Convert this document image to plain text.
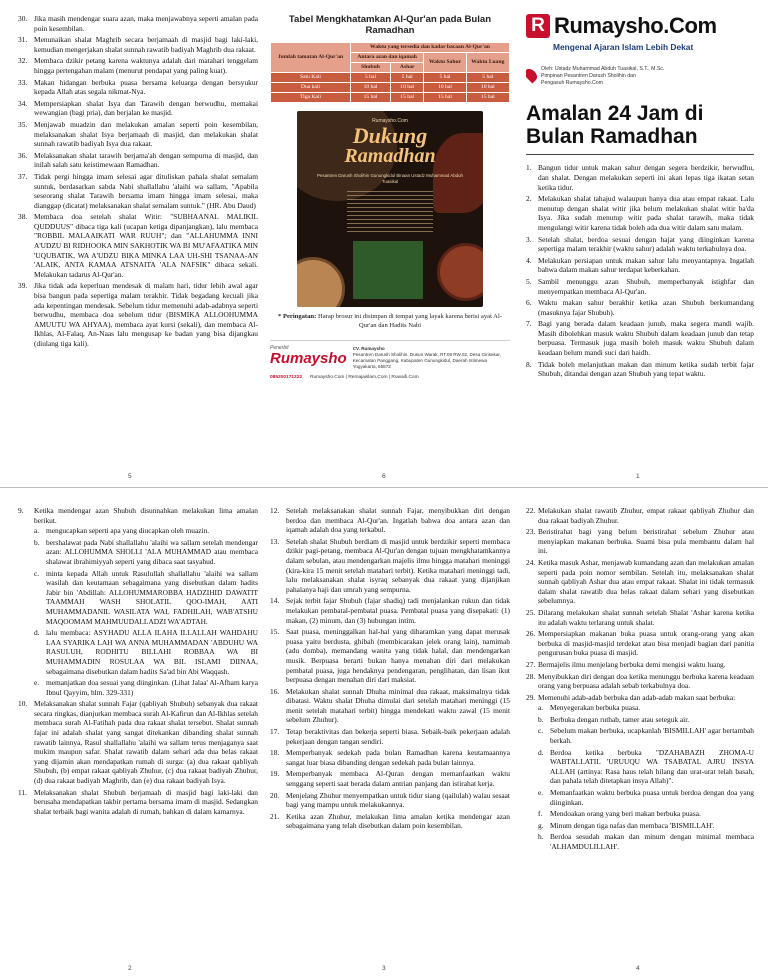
30. Jika masih mendengar suara azan, maka menjawabnya seperti amalan pada poin kesembilan.
31. Menunaikan shalat Maghrib secara berjamaah di masjid bagi laki-laki, kemudian mengerjakan shalat sunnah rawatib badiyah Maghrib dua rakaat.
32. Membaca dzikir petang karena waktunya adalah dari matahari tenggelam hingga pertengahan malam (menurut pendapat yang paling kuat).
33. Makan hidangan berbuka puasa bersama keluarga dengan bersyukur kepada Allah atas segala nikmat-Nya.
34. Mempersiapkan shalat Isya dan Tarawih dengan berwudhu, memakai wewangian (bagi pria), dan berjalan ke masjid.
35. Menjawab muadzin dan melakukan amalan seperti poin kesembilan, melaksanakan shalat Isya berjamaah di masjid, dan melakukan shalat sunnah rawatib badiyah Isya dua rakaat.
36. Melaksanakan shalat tarawih berjama'ah dengan sempurna di masjid, dan inilah salah satu keistimewaan Ramadhan.
37. Tidak pergi hingga imam selesai agar dituliskan pahala shalat semalam suntuk, berdasarkan sabda Nabi shallallahu 'alaihi wa sallam, "Apabila seseorang shalat Tarawih bersama imam hingga imam selesai, maka dianggap (dicatat) melaksanakan shalat semalam suntuk." (HR. Abu Daud)
38. Membaca doa setelah shalat Witir: "SUBHAANAL MALIKIL QUDDUUS" dibaca tiga kali (ucapan ketiga dipanjangkan), lalu membaca "ROBBIL MALAAIKATI WAR RUUH"; dan "ALLAHUMMA INNI A'UDZU BI RIDHOOKA MIN SAKHOTIK WA BI MU'AFAATIKA MIN 'UQUBATIK, WA A'UDZU BIKA MINKA LAA UH-SHI TSANAA-AN 'ALAIK, ANTA KAMAA ATSNAITA 'ALA NAFSIK" dibaca sekali. Melakukan tadarus Al-Qur'an.
39. Jika tidak ada keperluan mendesak di malam hari, tidur lebih awal agar bisa bangun pada sepertiga malam terakhir. Tidak begadang kecuali jika ada kepentingan mendesak. Sebelum tidur memenuhi adab-adabnya seperti berwudhu, membaca doa sebelum tidur (BISMIKA ALLOOHUMMA AMUUTU WA AHYAA), membaca ayat kursi (sekali), dan membaca Al-Ikhlas, Al-Falaq, An-Naas lalu mengusap ke badan yang bisa dijangkau (diulang tiga kali).
5
Tabel Mengkhatamkan Al-Qur'an pada Bulan Ramadhan
Jumlah tamatan Al-Qur'an	Waktu yang tersedia dan kadar bacaan Al-Qur'an			
	Antara azan dan iqamah		Waktu Sahur	Waktu Luang
	Shubuh	Ashar		
Satu Kali	5 hal	5 hal	5 hal	5 hal
Dua kali	10 hal	10 hal	10 hal	10 hal
Tiga Kali	15 hal	15 hal	15 hal	15 hal
Rumaysho.Com
Dukung
Ramadhan
Pesantren Darush Sholihin Gunungkidul Binaan Ustadz Muhammad Abduh Tuasikal
* Peringatan: Harap brosur ini disimpan di tempat yang layak karena berisi ayat Al-Qur'an dan Hadits Nabi
Penerbit
Rumaysho
CV. Rumaysho
Pesantren Darush Sholihin, Dusun Warak, RT.08 RW.02, Desa Girisekar, Kecamatan Panggang, Kabupaten Gunungkidul, Daerah Istimewa Yogyakarta, 55872
085200171222 Rumaysho.Com | Remajaislam.Com | Ruwaifi.Com
6
R Rumaysho.Com
Mengenal Ajaran Islam Lebih Dekat
Oleh: Ustadz Muhammad Abduh Tuasikal, S.T., M.Sc.
Pimpinan Pesantren Darush Sholihin dan
Pengasuh Rumaysho.Com
Amalan 24 Jam di Bulan Ramadhan
1. Bangun tidur untuk makan sahur dengan segera berdzikir, berwudhu, dan shalat. Dengan melakukan seperti ini akan lepas tiga ikatan setan ketika tidur.
2. Melakukan shalat tahajud walaupun hanya dua atau empat rakaat. Lalu menutup dengan shalat witir jika belum melakukan shalat witir ba'da Isya. Jika sudah menutup witir pada shalat tarawih, maka tidak mengulangi witir karena tidak boleh ada dua witir dalam satu malam.
3. Setelah shalat, berdoa sesuai dengan hajat yang diinginkan karena sepertiga malam terakhir (waktu sahur) adalah waktu terkabulnya doa.
4. Melakukan persiapan untuk makan sahur lalu menyantapnya. Ingatlah bahwa dalam makan sahur terdapat keberkahan.
5. Sambil menunggu azan Shubuh, memperbanyak istighfar dan menyempatkan membaca Al-Qur'an.
6. Waktu makan sahur berakhir ketika azan Shubuh berkumandang (masuknya fajar Shubuh).
7. Bagi yang berada dalam keadaan junub, maka segera mandi wajib. Masih dibolehkan masuk waktu Shubuh dalam keadaan junub dan tetap berpuasa. Termasuk juga masih boleh masuk waktu Shubuh dalam keadaan belum mandi suci dari haidh.
8. Tidak boleh melanjutkan makan dan minum ketika sudah terbit fajar Shubuh, ditandai dengan azan Shubuh yang tepat waktu.
1
9. Ketika mendengar azan Shubuh disunnahkan melakukan lima amalan berikut.
a. mengucapkan seperti apa yang diucapkan oleh muazin.
b. bershalawat pada Nabi shallallahu 'alaihi wa sallam setelah mendengar azan: ALLOHUMMA SHOLLI 'ALA MUHAMMAD atau membaca shalawat ibrahimiyyah seperti yang dibaca saat tasyahud.
c. minta kepada Allah untuk Rasulullah shallallahu 'alaihi wa sallam wasilah dan keutamaan sebagaimana yang disebutkan dalam hadits Jabir bin 'Abdillah: ALLOHUMMAROBBA HADZIHID DAWATIT TAAMMAH WASH SHOLATIL QOO-IMAH, AATI MUHAMMADANIL WASILATA WAL FADHILAH, WAB'ATSHU MAQOOMAM MAHMUUDALLADZI WA'ADTAH.
d. lalu membaca: ASYHADU ALLA ILAHA ILLALLAH WAHDAHU LAA SYARIKA LAH WA ANNA MUHAMMADAN 'ABDUHU WA RASULUH, RODHITU BILLAHI ROBBAA WA BI MUHAMMADIN ROSULAA WA BIL ISLAMI DIINAA, sebagaimana disebutkan dalam hadits Sa'ad bin Abi Waqqash.
e. memanjatkan doa sesuai yang diinginkan. (Lihat Jalaa' Al-Afham karya Ibnul Qayyim, hlm. 329-331)
10. Melaksanakan shalat sunnah Fajar (qabliyah Shubuh) sebanyak dua rakaat secara ringkas, dianjurkan membaca surah Al-Kafirun dan Al-Ikhlas setelah membaca surah Al-Fatihah pada dua rakaat shalat tersebut. Shalat sunnah fajar ini adalah shalat yang sangat ditekankan dibanding shalat sunnah rawatib lainnya, Rasul shallallahu 'alaihi wa sallam terus menjaganya saat mukim maupun safar. Shalat rawatib dalam sehari ada dua belas rakaat yang dijamin akan mendapatkan rumah di surga: (a) dua rakaat qabliyah Shubuh, (b) empat rakaat qabliyah Zhuhur, (c) dua rakaat badiyah Zhuhur, (d) dua rakaat badiyah Maghrib, dan (e) dua rakaat badiyah Isya.
11. Melaksanakan shalat Shubuh berjamaah di masjid bagi laki-laki dan berusaha mendapatkan takbir pertama bersama imam di masjid. Sedangkan shalat terbaik bagi wanita adalah di rumah, bahkan di dalam kamarnya.
2
12. Setelah melaksanakan shalat sunnah Fajar, menyibukkan diri dengan berdoa dan membaca Al-Qur'an. Ingatlah bahwa doa antara azan dan iqamah adalah doa yang terkabul.
13. Setelah shalat Shubuh berdiam di masjid untuk berdzikir seperti membaca dzikir pagi-petang, membaca Al-Qur'an dengan tujuan mengkhatamkannya dalam sebulan, atau mendengarkan majelis ilmu hingga matahari meninggi (kira-kira 15 menit setelah matahari terbit). Ketika matahari meninggi tadi, lalu melaksanakan shalat isyraq sebanyak dua rakaat yang dijanjikan pahalanya haji dan umrah yang sempurna.
14. Sejak terbit fajar Shubuh (fajar shadiq) tadi menjalankan rukun dan tidak melakukan pembatal-pembatal puasa. Pembatal puasa yang disepakati: (1) makan, (2) minum, dan (3) hubungan intim.
15. Saat puasa, meninggalkan hal-hal yang diharamkan yang dapat merusak puasa yaitu berdusta, ghibah (membicarakan jelek orang lain), namimah (adu domba), memandang wanita yang tidak halal, dan mendengarkan musik. Berpuasa berarti bukan hanya menahan diri dari melakukan pembatal puasa, juga hendaknya pendengaran, penglihatan, dan lisan ikut berpuasa dengan menahan diri dari maksiat.
16. Melakukan shalat sunnah Dhuha minimal dua rakaat, maksimalnya tidak dibatasi. Waktu shalat Dhuha dimulai dari setelah matahari meninggi (15 menit setelah matahari terbit) hingga mendekati waktu zawal (15 menit sebelum Zhuhur).
17. Tetap beraktivitas dan bekerja seperti biasa. Sebaik-baik pekerjaan adalah pekerjaan dengan tangan sendiri.
18. Memperbanyak sedekah pada bulan Ramadhan karena keutamaannya sangat luar biasa dibanding dengan sedekah pada bulan lainnya.
19. Memperbanyak membaca Al-Quran dengan memanfaatkan waktu senggang seperti saat berada dalam antrian panjang dan istirahat kerja.
20. Menjelang Zhuhur menyempatkan untuk tidur siang (qailulah) walau sesaat bagi yang mampu untuk melakukannya.
21. Ketika azan Zhuhur, melakukan lima amalan ketika mendengar azan sebagaimana yang telah disebutkan dalam poin kesembilan.
3
22. Melakukan shalat rawatib Zhuhur, empat rakaat qabliyah Zhuhur dan dua rakaat badiyah Zhuhur.
23. Beristirahat bagi yang belum beristirahat sebelum Zhuhur atau menyiapkan makanan berbuka. Suami bisa pula membantu dalam hal ini.
24. Ketika masuk Ashar, menjawab kumandang azan dan melakukan amalan seperti pada poin nomor sembilan. Setelah itu, melaksanakan shalat sunnah qabliyah Ashar dua atau empat rakaat. Shalat ini tidak termasuk dalam shalat rawatib dua belas rakaat dalam sehari yang disebutkan sebelumnya.
25. Dilarang melakukan shalat sunnah setelah Shalat 'Ashar karena ketika itu adalah waktu terlarang untuk shalat.
26. Mempersiapkan makanan buka puasa untuk orang-orang yang akan berbuka di masjid-masjid terdekat atau bisa menjadi bagian dari panitia pengurusan buka puasa di masjid.
27. Bermajelis ilmu menjelang berbuka demi mengisi waktu luang.
28. Menyibukkan diri dengan doa ketika menunggu berbuka karena keadaan orang yang berpuasa adalah sebab terkabulnya doa.
29. Memenuhi adab-adab berbuka dan adab-adab makan saat berbuka:
a. Menyegerakan berbuka puasa.
b. Berbuka dengan ruthab, tamer atau seteguk air.
c. Sebelum makan berbuka, ucapkanlah 'BISMILLAH' agar bertambah berkah.
d. Berdoa ketika berbuka "DZAHABAZH ZHOMA-U WABTALLATIL 'URUUQU WA TSABATAL AJRU INSYA ALLAH (artinya: Rasa haus telah hilang dan urat-urat telah basah, dan pahala telah ditetapkan insya Allah)".
e. Memanfaatkan waktu berbuka puasa untuk berdoa dengan doa yang diinginkan.
f. Mendoakan orang yang beri makan berbuka puasa.
g. Minum dengan tiga nafas dan membaca 'BISMILLAH'.
h. Berdoa sesudah makan dan minum dengan minimal membaca 'ALHAMDULILLAH'.
4
